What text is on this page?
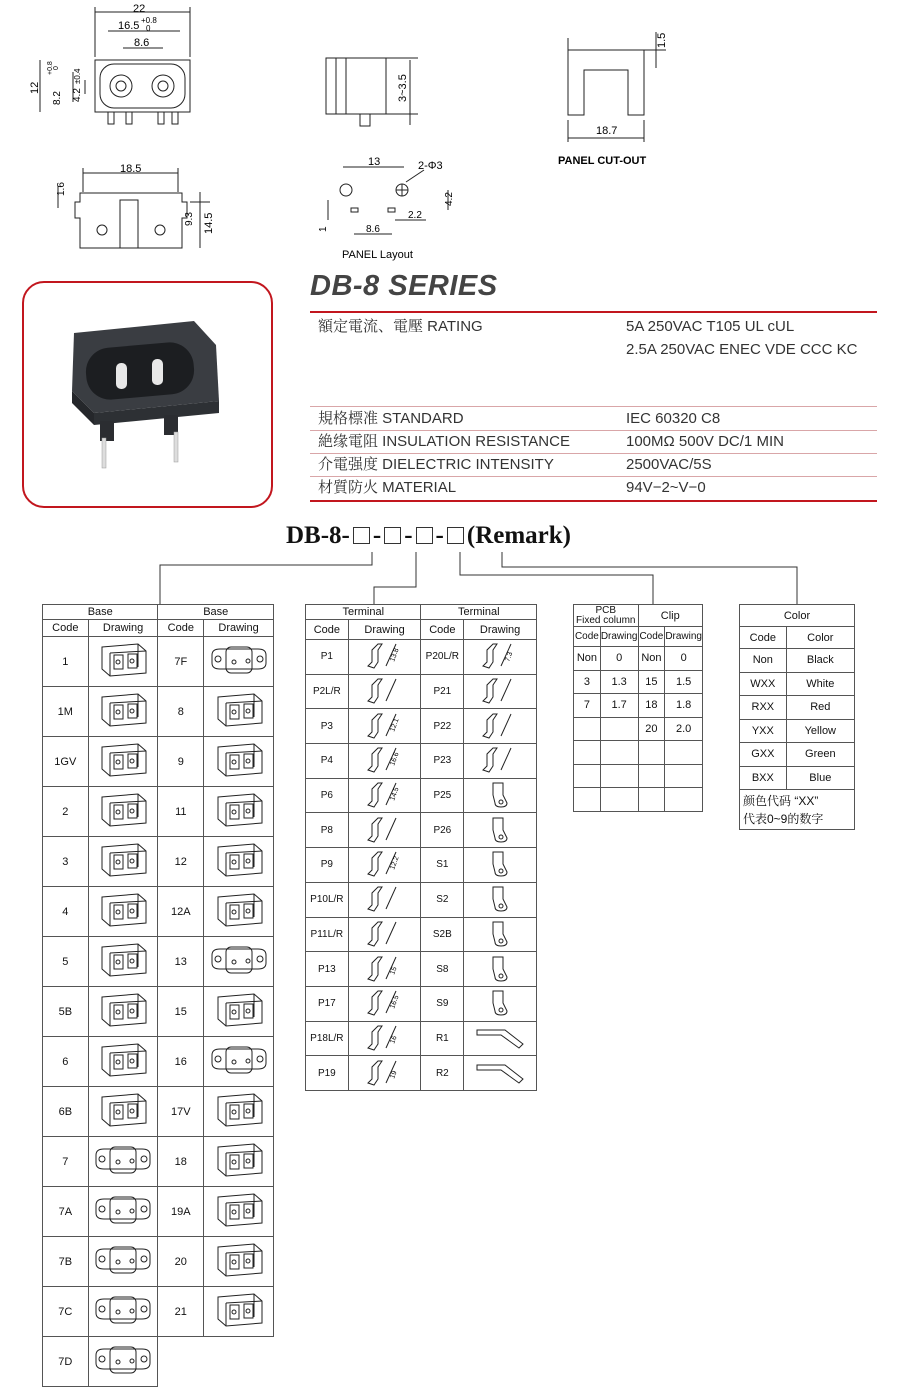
22
16.5 +0.8
0
8.6
12
8.2
+0.8 0
4.2
±0.4	3~3.5
1.5
18.7
PANEL CUT-OUT
18.5
1.6
9.3 14.5
13	2-Φ3
4.2
2.2
1	8.6
PANEL Layout
DB-8 SERIES
額定電流、電壓 RATING	5A 250VAC T105 UL cUL
2.5A 250VAC ENEC VDE CCC KC
規格標准 STANDARD	IEC 60320 C8
絶缘電阻 INSULATION RESISTANCE	100MΩ 500V DC/1 MIN
介電强度 DIELECTRIC INTENSITY	2500VAC/5S
材質防火 MATERIAL	94V−2~V−0
DB-8- - - - (Remark)
Base		Base	
Code	Drawing	Code	Drawing
1		7F	
1M		8	
1GV		9	
2		11	
3		12	
4		12A	
5		13	
5B		15	
6		16	
6B		17V	
7		18	
7A		19A	
7B		20	
7C		21	
7D			
Terminal		Terminal	
Code	Drawing	Code	Drawing
P1	13.8	P20L/R	7.3

P2L/R		P21	
P3	12.1	P22	
P4	16.6	P23	
P6	14.5	P25	
P8		P26	
P9	12.2	S1	
P10L/R		S2	
P11L/R		S2B	
P13	15	S8	
P17	16.5	S9	
P18L/R	16	R1	
P19	19	R2	
PCB
Fixed column		Clip	
Code	Drawing	Code	Drawing
Non	0	Non	0
3	1.3	15	1.5
7	1.7	18	1.8
		20	2.0

Color	
Code	Color
Non	Black
WXX	White
RXX	Red
YXX	Yellow
GXX	Green
BXX	Blue
颜色代码 “XX”
代表0~9的数字	
